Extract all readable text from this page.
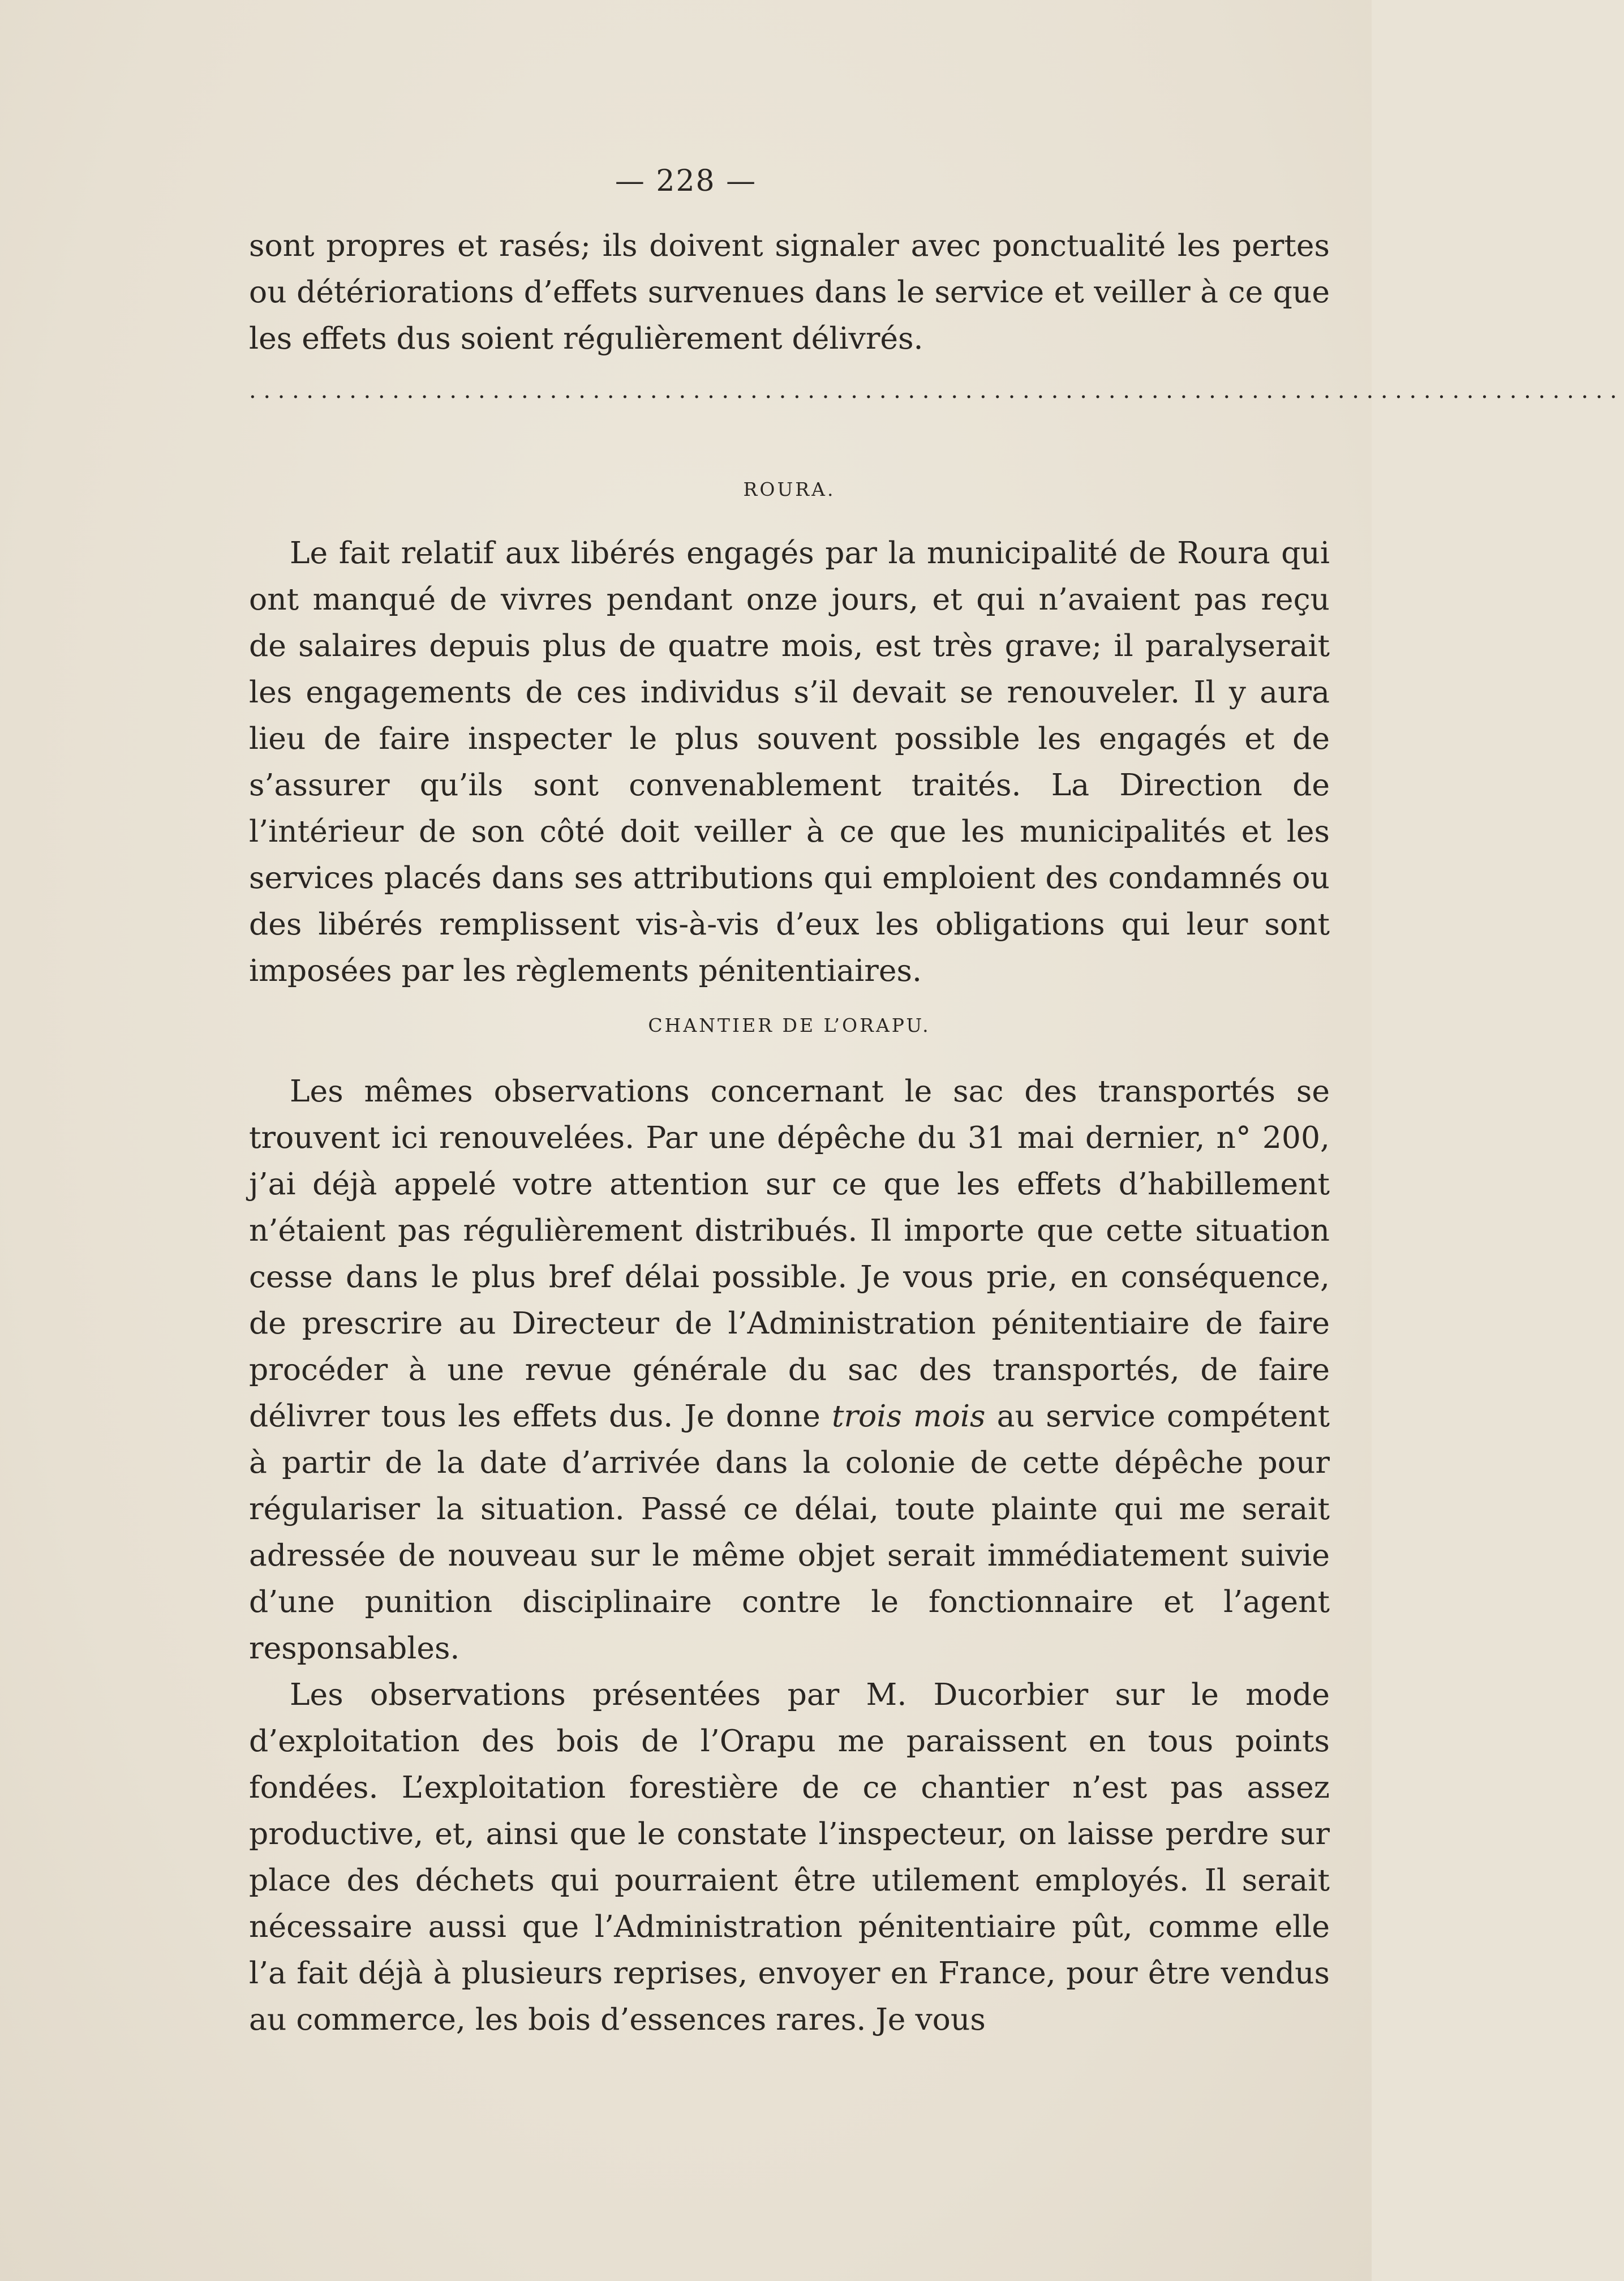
— 228 —

sont propres et rasés; ils doivent signaler avec ponctualité les pertes ou détériorations d’effets survenues dans le service et veiller à ce que les effets dus soient régulièrement délivrés.

................................................................................................
ROURA.

Le fait relatif aux libérés engagés par la municipalité de Roura qui ont manqué de vivres pendant onze jours, et qui n’avaient pas reçu de salaires depuis plus de quatre mois, est très grave; il paralyserait les engagements de ces individus s’il devait se renouveler. Il y aura lieu de faire inspecter le plus souvent possible les engagés et de s’assurer qu’ils sont convenablement traités. La Direction de l’intérieur de son côté doit veiller à ce que les municipalités et les services placés dans ses attributions qui emploient des condamnés ou des libérés remplissent vis-à-vis d’eux les obligations qui leur sont imposées par les règlements pénitentiaires.

CHANTIER DE L’ORAPU.

Les mêmes observations concernant le sac des transportés se trouvent ici renouvelées. Par une dépêche du 31 mai dernier, n° 200, j’ai déjà appelé votre attention sur ce que les effets d’habillement n’étaient pas régulièrement distribués. Il importe que cette situation cesse dans le plus bref délai possible. Je vous prie, en conséquence, de prescrire au Directeur de l’Administration pénitentiaire de faire procéder à une revue générale du sac des transportés, de faire délivrer tous les effets dus. Je donne trois mois au service compétent à partir de la date d’arrivée dans la colonie de cette dépêche pour régulariser la situation. Passé ce délai, toute plainte qui me serait adressée de nouveau sur le même objet serait immédiatement suivie d’une punition disciplinaire contre le fonctionnaire et l’agent responsables.

Les observations présentées par M. Ducorbier sur le mode d’exploitation des bois de l’Orapu me paraissent en tous points fondées. L’exploitation forestière de ce chantier n’est pas assez productive, et, ainsi que le constate l’inspecteur, on laisse perdre sur place des déchets qui pourraient être utilement employés. Il serait nécessaire aussi que l’Administration pénitentiaire pût, comme elle l’a fait déjà à plusieurs reprises, envoyer en France, pour être vendus au commerce, les bois d’essences rares. Je vous
